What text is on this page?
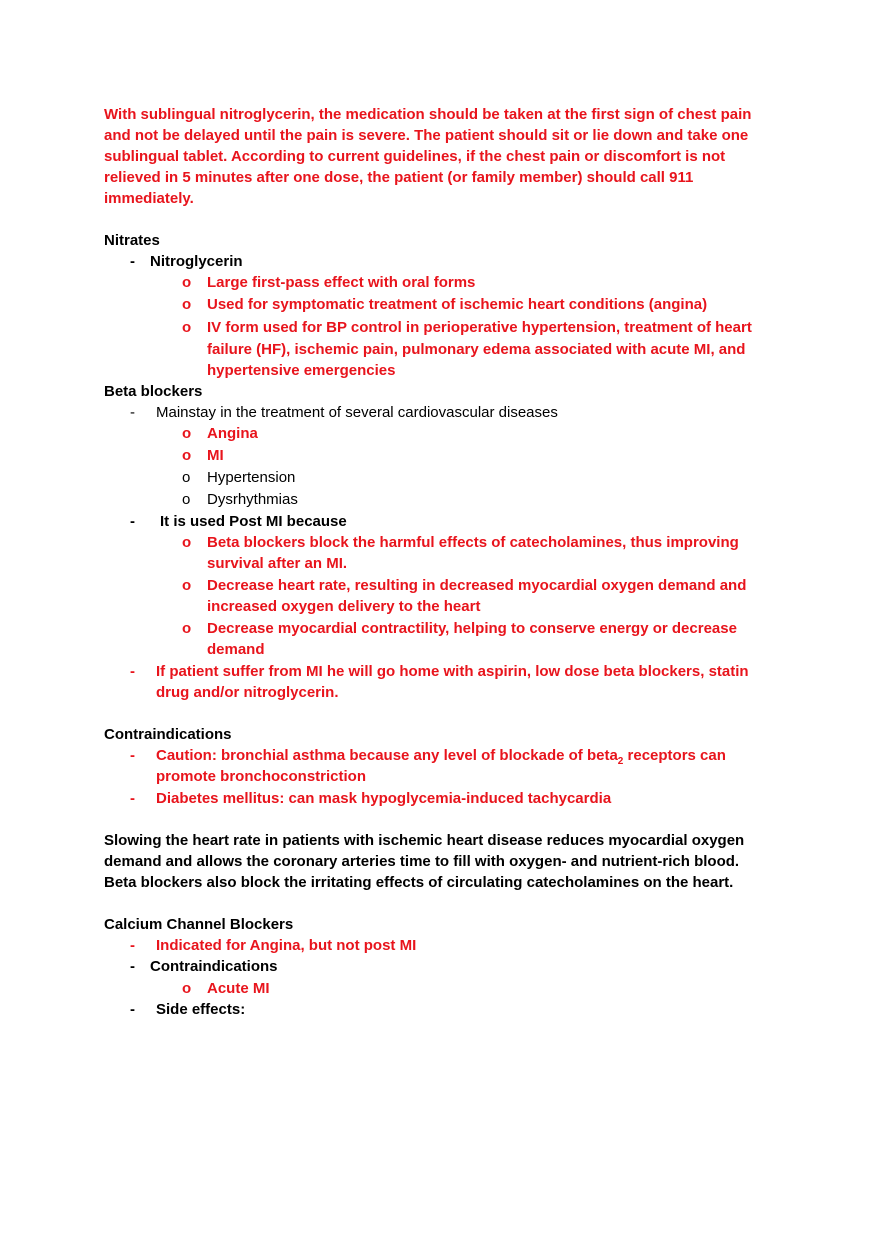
With sublingual nitroglycerin, the medication should be taken at the first sign of chest pain
and not be delayed until the pain is severe. The patient should sit or lie down and take one
sublingual tablet. According to current guidelines, if the chest pain or discomfort is not
relieved in 5 minutes after one dose, the patient (or family member) should call 911
immediately.
Nitrates
- Nitroglycerin
o Large first-pass effect with oral forms
o Used for symptomatic treatment of ischemic heart conditions (angina)
o IV form used for BP control in perioperative hypertension, treatment of heart
failure (HF), ischemic pain, pulmonary edema associated with acute MI, and
hypertensive emergencies
Beta blockers
- Mainstay in the treatment of several cardiovascular diseases
o Angina
o MI
o Hypertension
o Dysrhythmias
- It is used Post MI because
o Beta blockers block the harmful effects of catecholamines, thus improving
survival after an MI.
o Decrease heart rate, resulting in decreased myocardial oxygen demand and
increased oxygen delivery to the heart
o Decrease myocardial contractility, helping to conserve energy or decrease
demand
- If patient suffer from MI he will go home with aspirin, low dose beta blockers, statin
drug and/or nitroglycerin.
Contraindications
- Caution: bronchial asthma because any level of blockade of beta$_2$ receptors can
promote bronchoconstriction
- Diabetes mellitus: can mask hypoglycemia-induced tachycardia
Slowing the heart rate in patients with ischemic heart disease reduces myocardial oxygen
demand and allows the coronary arteries time to fill with oxygen- and nutrient-rich blood.
Beta blockers also block the irritating effects of circulating catecholamines on the heart.
Calcium Channel Blockers
- Indicated for Angina, but not post MI
- Contraindications
o Acute MI
- Side effects:
